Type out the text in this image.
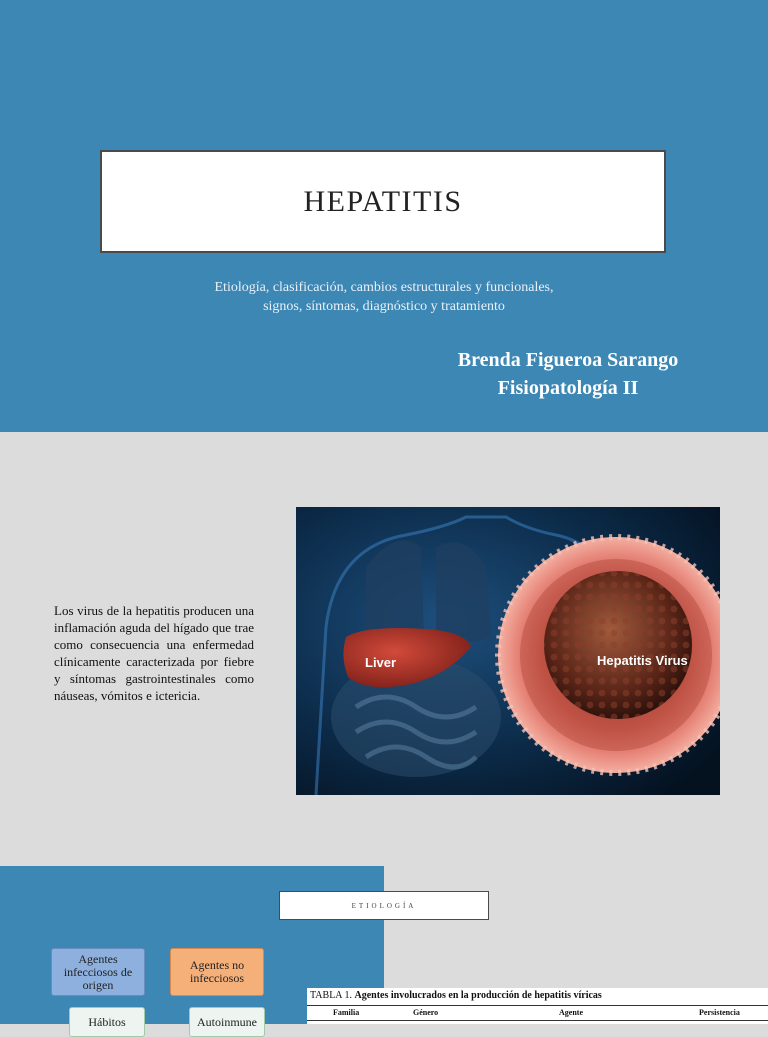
HEPATITIS
Etiología, clasificación, cambios estructurales y funcionales,
signos, síntomas, diagnóstico y tratamiento
Brenda Figueroa Sarango
Fisiopatología II

Los virus de la hepatitis producen una inflamación aguda del hígado que trae como consecuencia una enfermedad clínicamente caracterizada por fiebre y síntomas gastrointestinales como náuseas, vómitos e ictericia.

Liver	Hepatitis Virus
ETIOLOGÍA
Agentes infecciosos de origen
Agentes no infecciosos
Hábitos	Autoinmune
TABLA 1. Agentes involucrados en la producción de hepatitis víricas
Familia	Género	Agente	Persistencia
